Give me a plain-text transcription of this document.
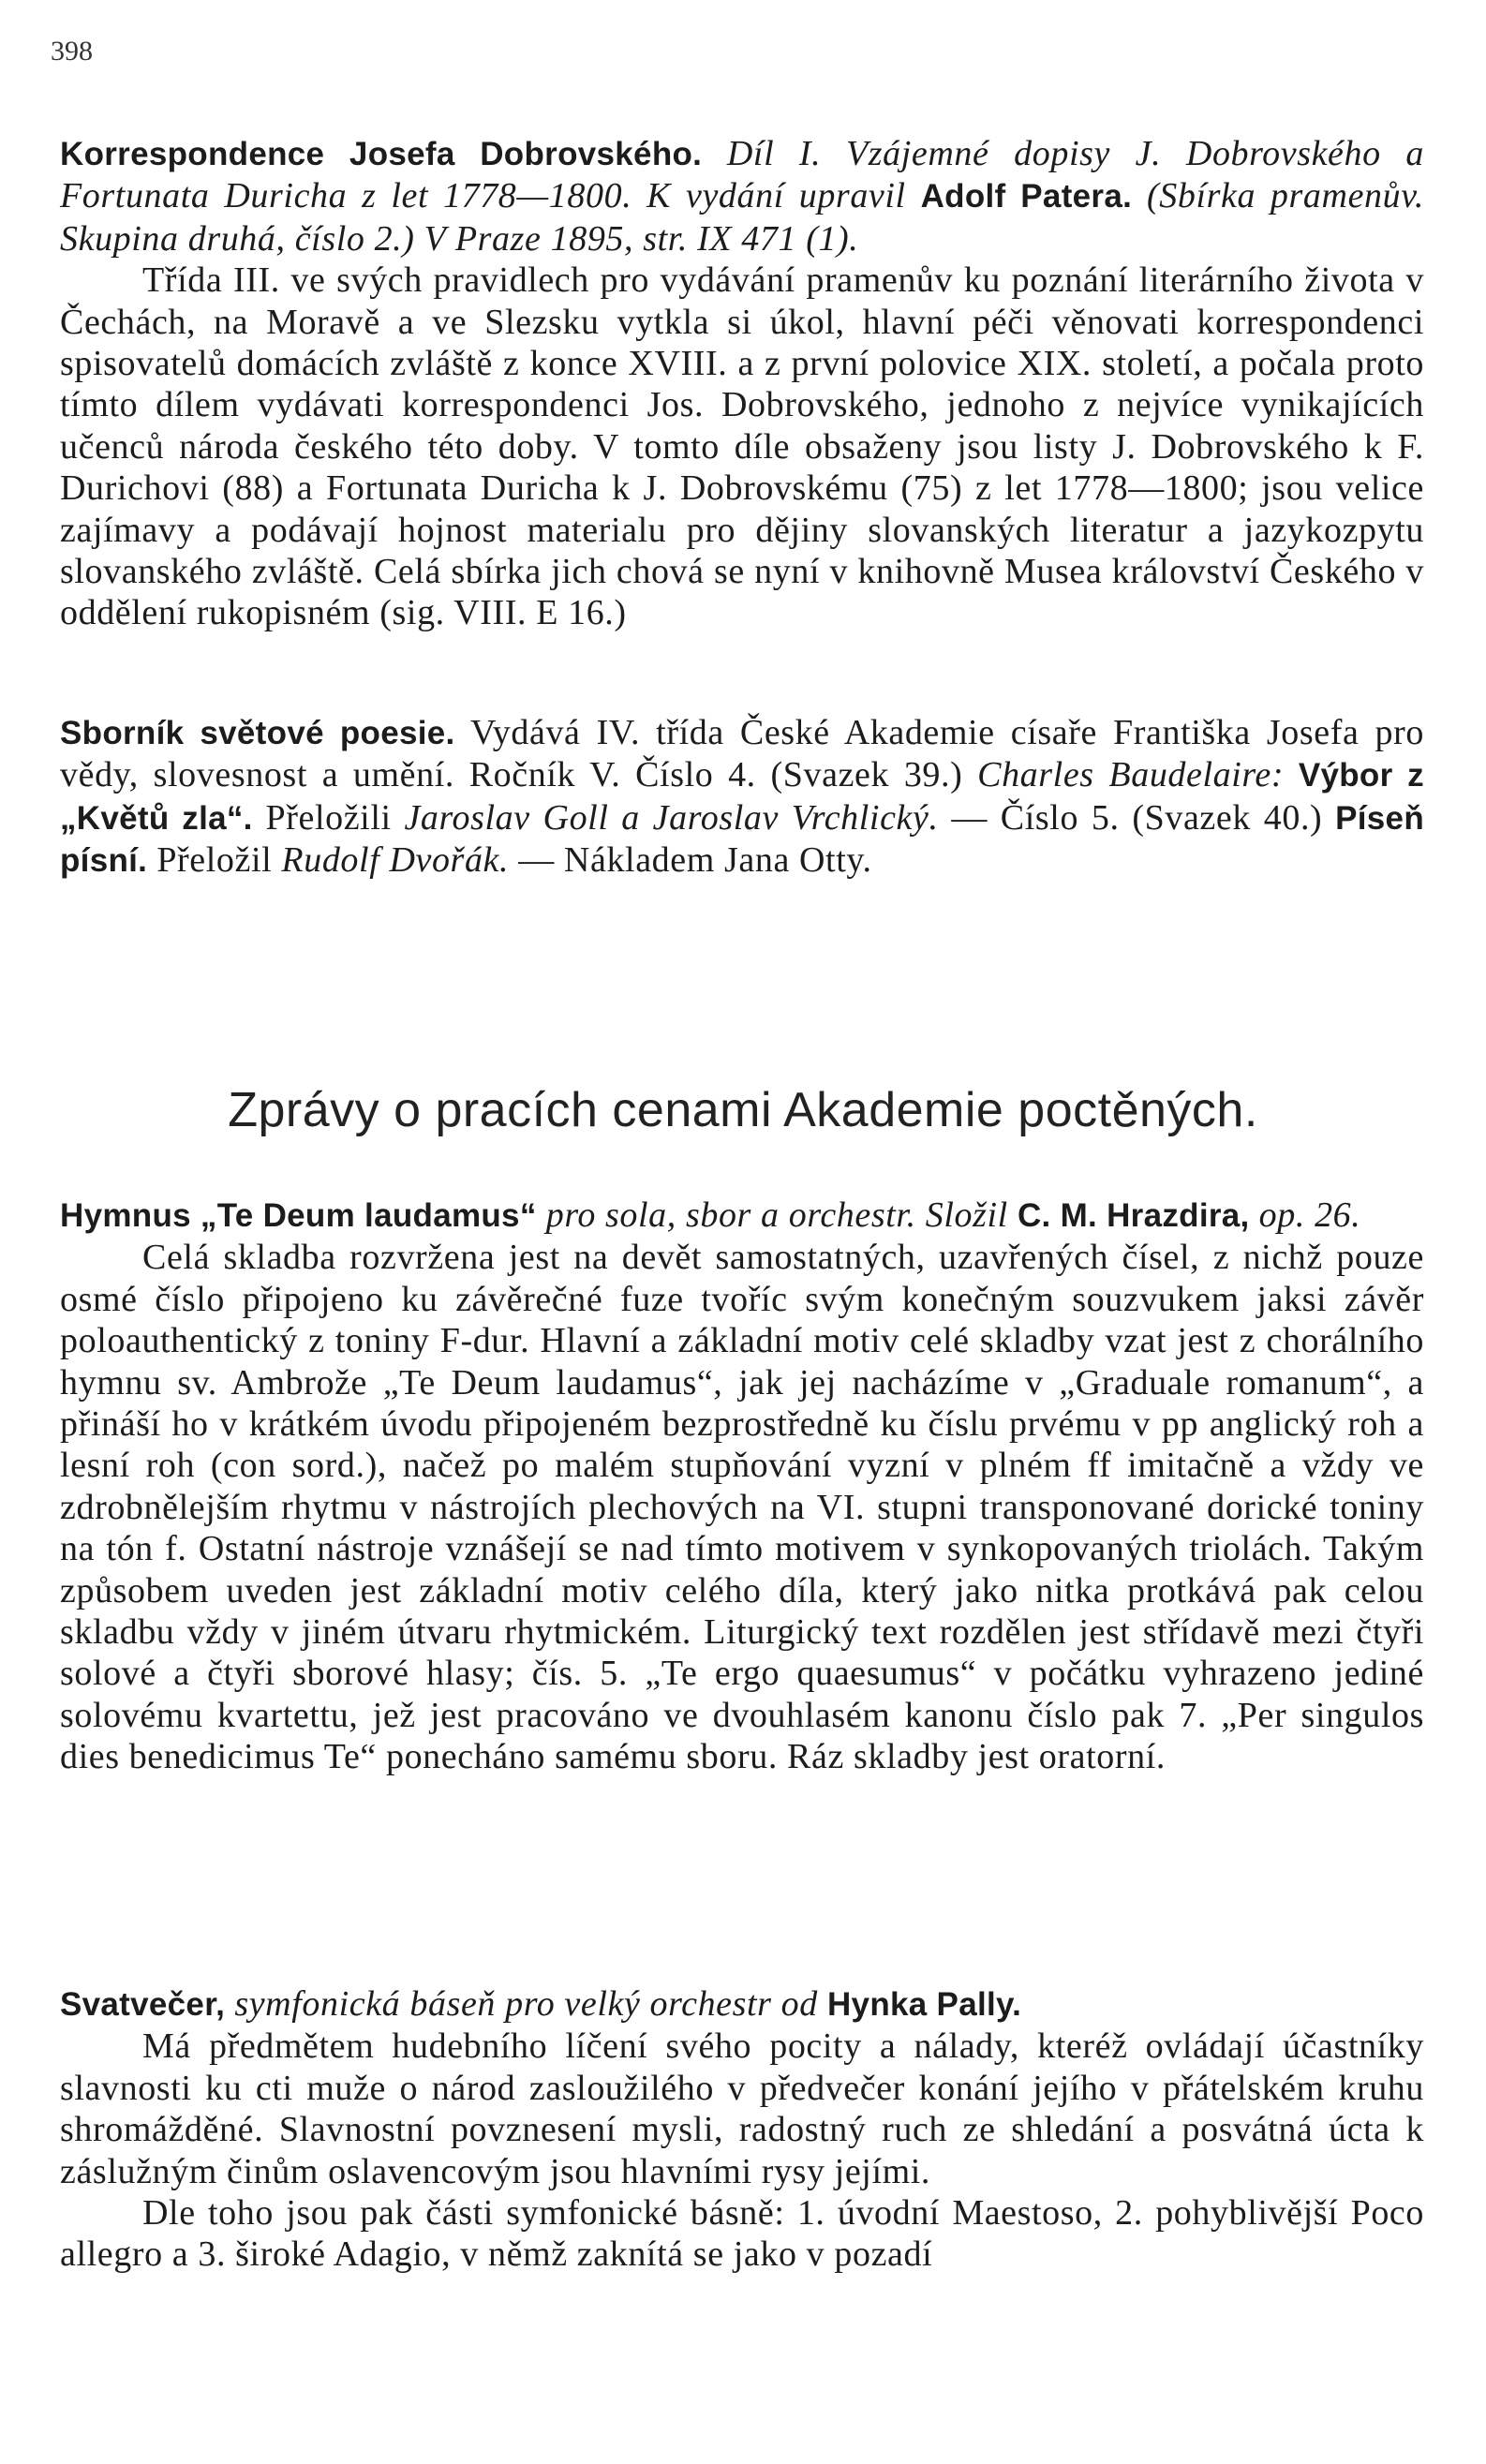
398

Korrespondence Josefa Dobrovského. Díl I. Vzájemné dopisy J. Dobrovského a Fortunata Duricha z let 1778—1800. K vydání upravil Adolf Patera. (Sbírka pramenův. Skupina druhá, číslo 2.) V Praze 1895, str. IX 471 (1).

Třída III. ve svých pravidlech pro vydávání pramenův ku poznání literárního života v Čechách, na Moravě a ve Slezsku vytkla si úkol, hlavní péči věnovati korrespondenci spisovatelů domácích zvláště z konce XVIII. a z první polovice XIX. století, a počala proto tímto dílem vydávati korrespondenci Jos. Dobrovského, jednoho z nejvíce vynikajících učenců národa českého této doby. V tomto díle obsaženy jsou listy J. Dobrovského k F. Durichovi (88) a Fortunata Duricha k J. Dobrovskému (75) z let 1778—1800; jsou velice zajímavy a podávají hojnost materialu pro dějiny slovanských literatur a jazykozpytu slovanského zvláště. Celá sbírka jich chová se nyní v knihovně Musea království Českého v oddělení rukopisném (sig. VIII. E 16.)

Sborník světové poesie. Vydává IV. třída České Akademie císaře Františka Josefa pro vědy, slovesnost a umění. Ročník V. Číslo 4. (Svazek 39.) Charles Baudelaire: Výbor z „Květů zla“. Přeložili Jaroslav Goll a Jaroslav Vrchlický. — Číslo 5. (Svazek 40.) Píseň písní. Přeložil Rudolf Dvořák. — Nákladem Jana Otty.

Zprávy o pracích cenami Akademie poctěných.

Hymnus „Te Deum laudamus“ pro sola, sbor a orchestr. Složil C. M. Hrazdira, op. 26.

Celá skladba rozvržena jest na devět samostatných, uzavřených čísel, z nichž pouze osmé číslo připojeno ku závěrečné fuze tvoříc svým konečným souzvukem jaksi závěr poloauthentický z toniny F-dur. Hlavní a základní motiv celé skladby vzat jest z chorálního hymnu sv. Ambrože „Te Deum laudamus“, jak jej nacházíme v „Graduale romanum“, a přináší ho v krátkém úvodu připojeném bezprostředně ku číslu prvému v pp anglický roh a lesní roh (con sord.), načež po malém stupňování vyzní v plném ff imitačně a vždy ve zdrobnělejším rhytmu v nástrojích plechových na VI. stupni transponované dorické toniny na tón f. Ostatní nástroje vznášejí se nad tímto motivem v synkopovaných triolách. Takým způsobem uveden jest základní motiv celého díla, který jako nitka protkává pak celou skladbu vždy v jiném útvaru rhytmickém. Liturgický text rozdělen jest střídavě mezi čtyři solové a čtyři sborové hlasy; čís. 5. „Te ergo quaesumus“ v počátku vyhrazeno jediné solovému kvartettu, jež jest pracováno ve dvouhlasém kanonu číslo pak 7. „Per singulos dies benedicimus Te“ ponecháno samému sboru. Ráz skladby jest oratorní.

Svatvečer, symfonická báseň pro velký orchestr od Hynka Pally.

Má předmětem hudebního líčení svého pocity a nálady, kteréž ovládají účastníky slavnosti ku cti muže o národ zasloužilého v předvečer konání jejího v přátelském kruhu shromážděné. Slavnostní povznesení mysli, radostný ruch ze shledání a posvátná úcta k záslužným činům oslavencovým jsou hlavními rysy jejími.

Dle toho jsou pak části symfonické básně: 1. úvodní Maestoso, 2. pohyblivější Poco allegro a 3. široké Adagio, v němž zaknítá se jako v pozadí
